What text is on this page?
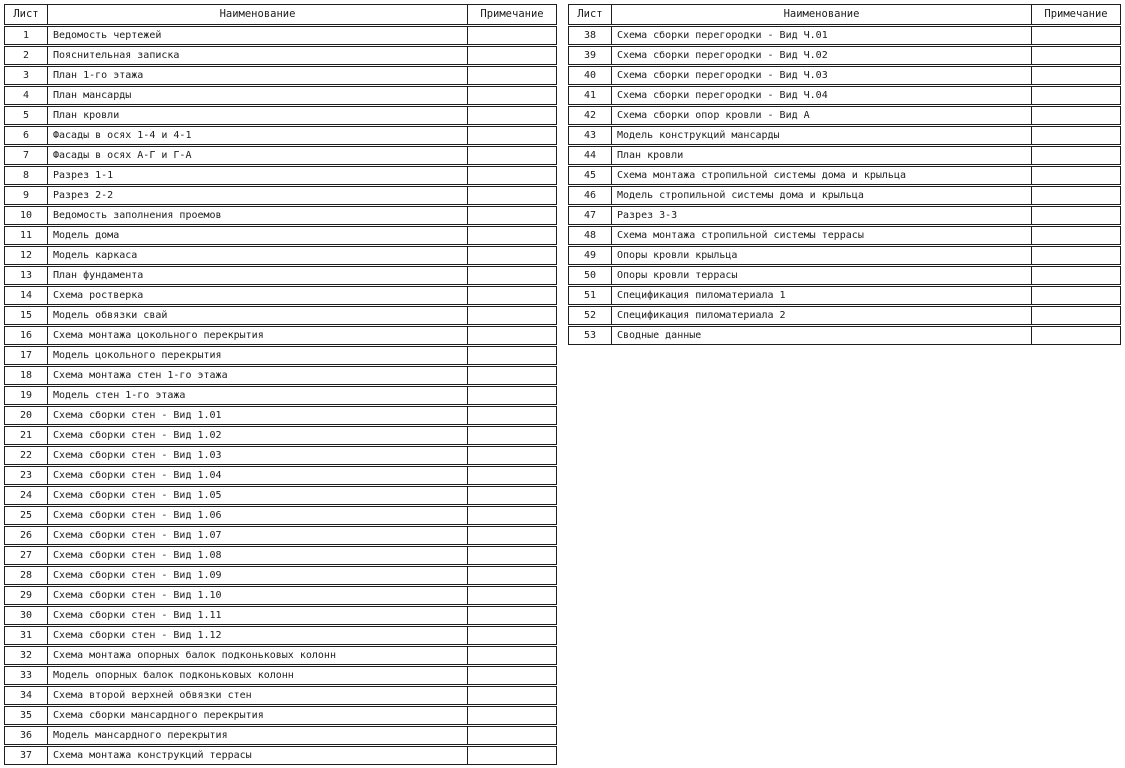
Лист	Наименование	Примечание
1	Ведомость чертежей
2	Пояснительная записка
3	План 1-го этажа
4	План мансарды
5	План кровли
6	Фасады в осях 1-4 и 4-1
7	Фасады в осях А-Г и Г-А
8	Разрез 1-1
9	Разрез 2-2
10	Ведомость заполнения проемов
11	Модель дома
12	Модель каркаса
13	План фундамента
14	Схема ростверка
15	Модель обвязки свай
16	Схема монтажа цокольного перекрытия
17	Модель цокольного перекрытия
18	Схема монтажа стен 1-го этажа
19	Модель стен 1-го этажа
20	Схема сборки стен - Вид 1.01
21	Схема сборки стен - Вид 1.02
22	Схема сборки стен - Вид 1.03
23	Схема сборки стен - Вид 1.04
24	Схема сборки стен - Вид 1.05
25	Схема сборки стен - Вид 1.06
26	Схема сборки стен - Вид 1.07
27	Схема сборки стен - Вид 1.08
28	Схема сборки стен - Вид 1.09
29	Схема сборки стен - Вид 1.10
30	Схема сборки стен - Вид 1.11
31	Схема сборки стен - Вид 1.12
32	Схема монтажа опорных балок подконьковых колонн
33	Модель опорных балок подконьковых колонн
34	Схема второй верхней обвязки стен
35	Схема сборки мансардного перекрытия
36	Модель мансардного перекрытия
37	Схема монтажа конструкций террасы
Лист	Наименование	Примечание
38	Схема сборки перегородки - Вид Ч.01
39	Схема сборки перегородки - Вид Ч.02
40	Схема сборки перегородки - Вид Ч.03
41	Схема сборки перегородки - Вид Ч.04
42	Схема сборки опор кровли - Вид А
43	Модель конструкций мансарды
44	План кровли
45	Схема монтажа стропильной системы дома и крыльца
46	Модель стропильной системы дома и крыльца
47	Разрез 3-3
48	Схема монтажа стропильной системы террасы
49	Опоры кровли крыльца
50	Опоры кровли террасы
51	Спецификация пиломатериала 1
52	Спецификация пиломатериала 2
53	Сводные данные
